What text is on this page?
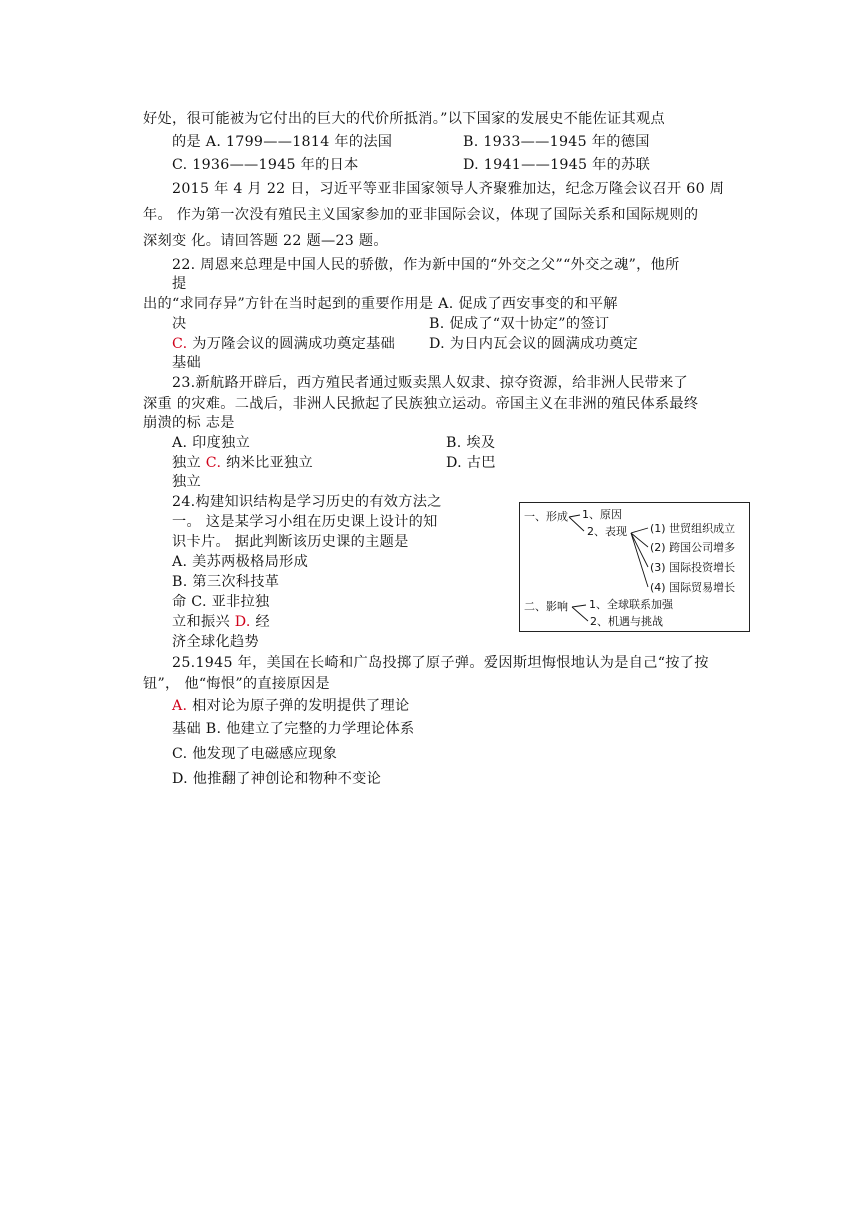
好处，很可能被为它付出的巨大的代价所抵消。”以下国家的发展史不能佐证其观点
的是 A. 1799——1814 年的法国	B. 1933——1945 年的德国
C. 1936——1945 年的日本	D. 1941——1945 年的苏联
2015 年 4 月 22 日，习近平等亚非国家领导人齐聚雅加达，纪念万隆会议召开 60 周
年。 作为第一次没有殖民主义国家参加的亚非国际会议，体现了国际关系和国际规则的
深刻变 化。请回答题 22 题—23 题。
22. 周恩来总理是中国人民的骄傲，作为新中国的“外交之父”“外交之魂”，他所
提
出的“求同存异”方针在当时起到的重要作用是 A. 促成了西安事变的和平解
决	B. 促成了“双十协定”的签订
C. 为万隆会议的圆满成功奠定基础 D. 为日内瓦会议的圆满成功奠定
基础
23.新航路开辟后，西方殖民者通过贩卖黑人奴隶、掠夺资源，给非洲人民带来了
深重 的灾难。二战后，非洲人民掀起了民族独立运动。帝国主义在非洲的殖民体系最终
崩溃的标 志是
A. 印度独立	B. 埃及
独立 C. 纳米比亚独立	D. 古巴
独立
24.构建知识结构是学习历史的有效方法之
一。 这是某学习小组在历史课上设计的知
识卡片。 据此判断该历史课的主题是
A. 美苏两极格局形成
B. 第三次科技革
命 C. 亚非拉独
立和振兴 D. 经
济全球化趋势
一、形成 1、原因
2、表现 (1) 世贸组织成立
(2) 跨国公司增多
(3) 国际投资增长
(4) 国际贸易增长
二、影响 1、全球联系加强
2、机遇与挑战
25.1945 年，美国在长崎和广岛投掷了原子弹。爱因斯坦悔恨地认为是自己“按了按
钮”， 他“悔恨”的直接原因是
A. 相对论为原子弹的发明提供了理论
基础 B. 他建立了完整的力学理论体系
C. 他发现了电磁感应现象
D. 他推翻了神创论和物种不变论
